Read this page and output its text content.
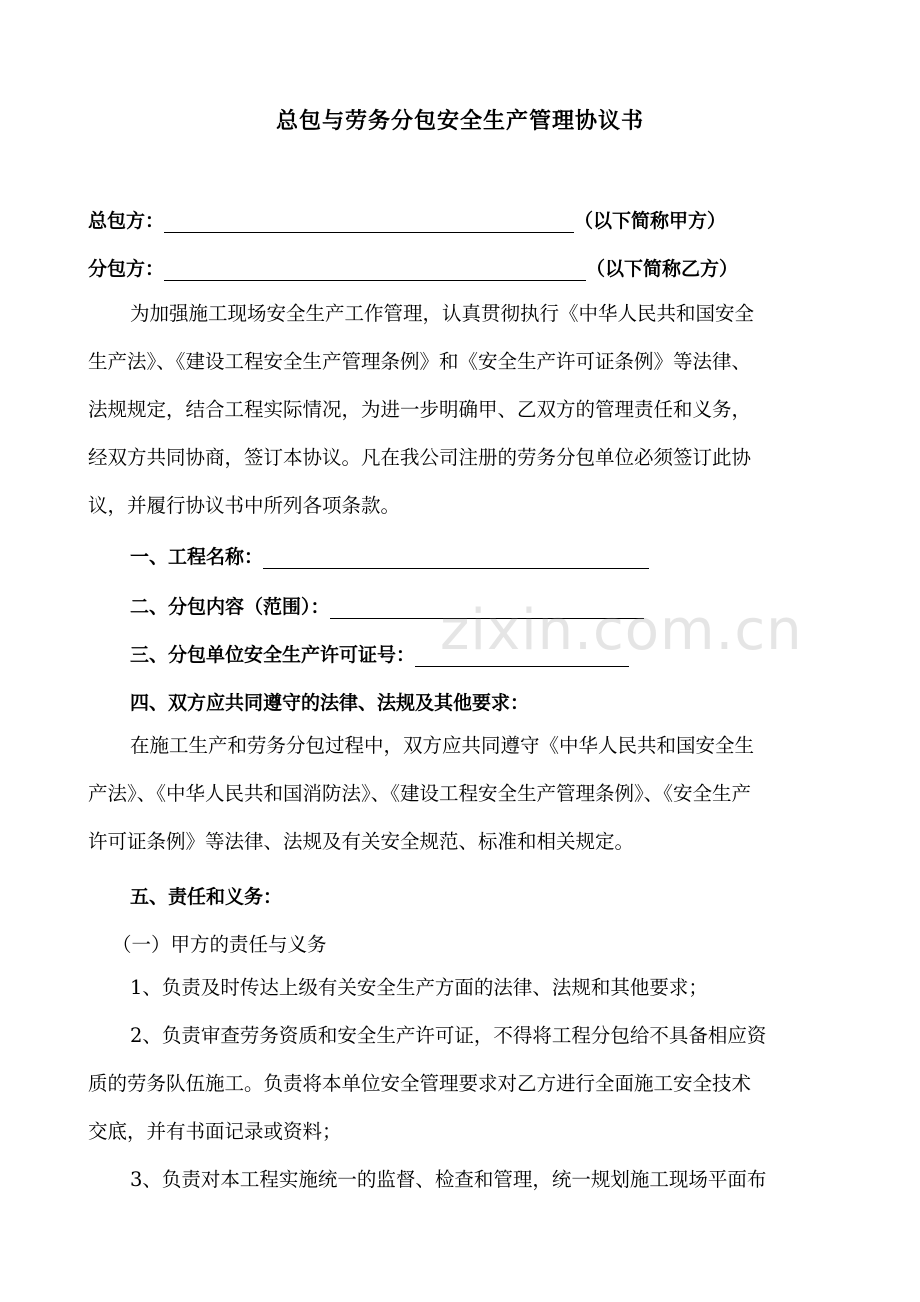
总包与劳务分包安全生产管理协议书
总包方：	（以下简称甲方）
分包方：	（以下简称乙方）
为加强施工现场安全生产工作管理，认真贯彻执行《中华人民共和国安全
生产法》、《建设工程安全生产管理条例》和《安全生产许可证条例》等法律、
法规规定，结合工程实际情况，为进一步明确甲、乙双方的管理责任和义务，
经双方共同协商，签订本协议。凡在我公司注册的劳务分包单位必须签订此协
议，并履行协议书中所列各项条款。
一、工程名称：
二、分包内容（范围）：
三、分包单位安全生产许可证号：
四、双方应共同遵守的法律、法规及其他要求：
在施工生产和劳务分包过程中，双方应共同遵守《中华人民共和国安全生
产法》、《中华人民共和国消防法》、《建设工程安全生产管理条例》、《安全生产
许可证条例》等法律、法规及有关安全规范、标准和相关规定。
五、责任和义务：
（一）甲方的责任与义务
1、负责及时传达上级有关安全生产方面的法律、法规和其他要求；
2、负责审查劳务资质和安全生产许可证，不得将工程分包给不具备相应资
质的劳务队伍施工。负责将本单位安全管理要求对乙方进行全面施工安全技术
交底，并有书面记录或资料；
3、负责对本工程实施统一的监督、检查和管理，统一规划施工现场平面布
zixin.com.cn
